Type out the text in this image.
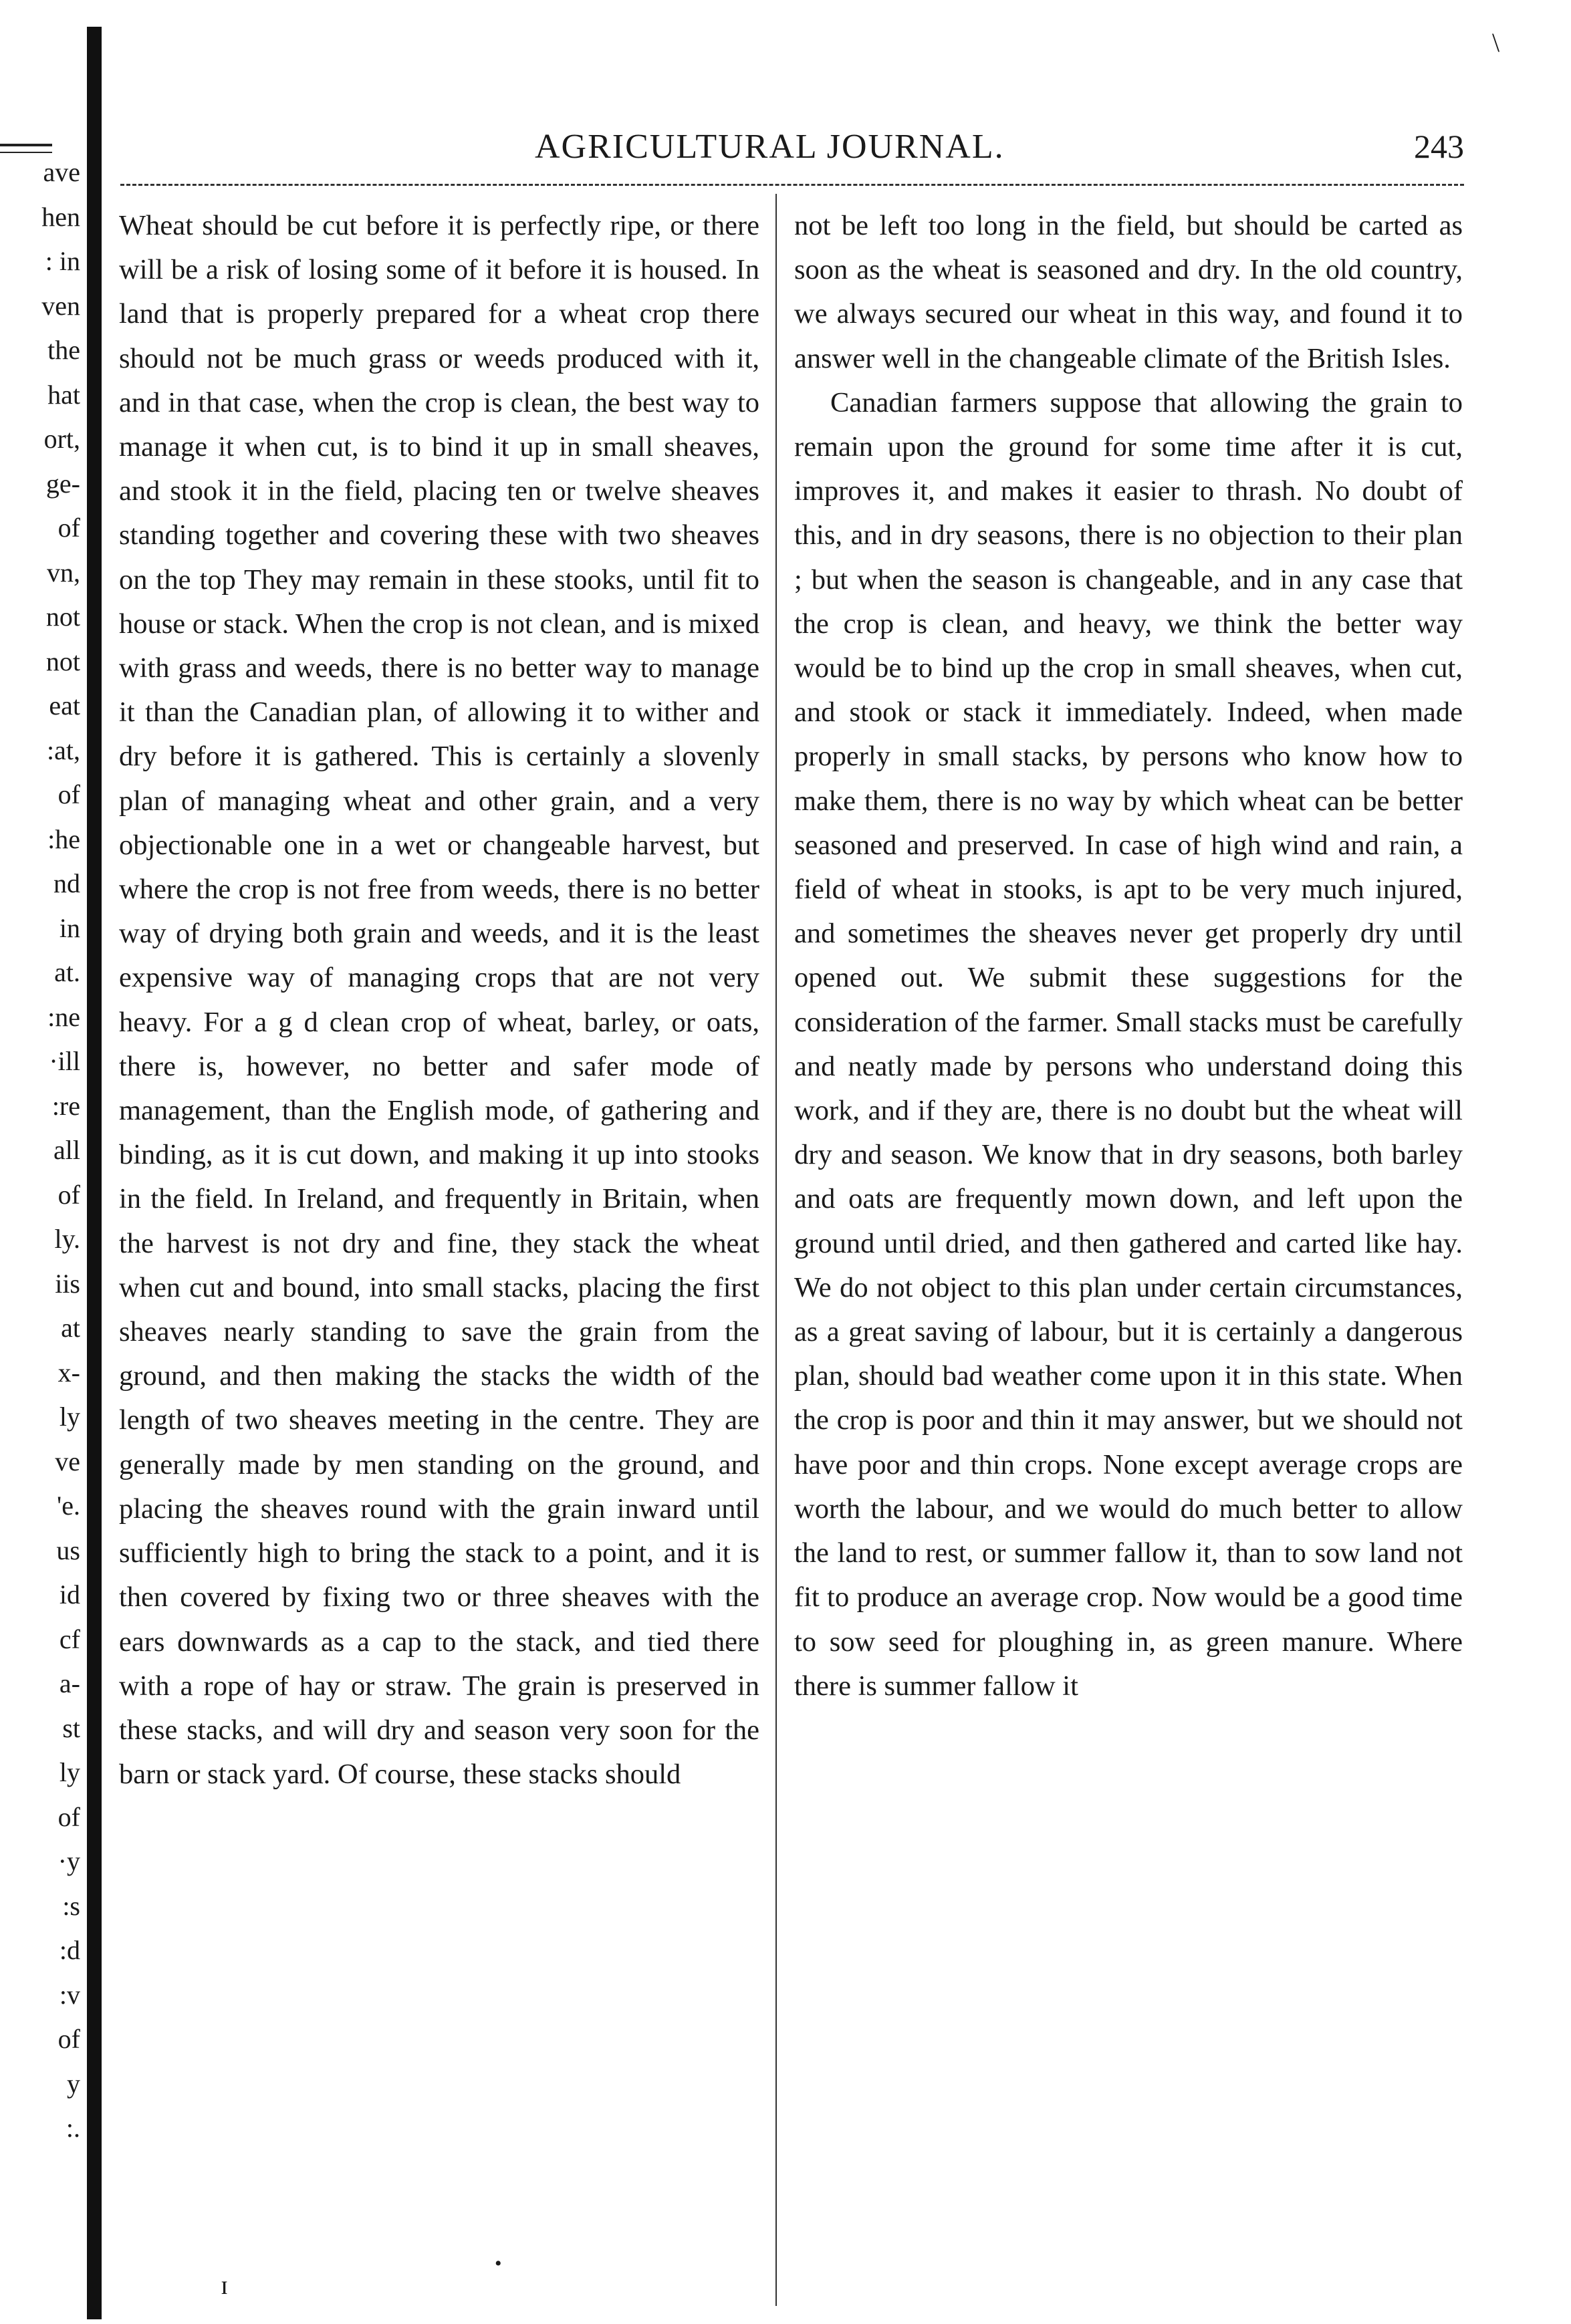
ave
hen
: in
ven
the
hat
ort,
ge-
of
vn,
not
not
eat
:at,
of
:he
nd
in
at.
:ne
·ill
:re
all
of
ly.
iis
at
x-
ly
ve
'e.
us
id
cf
a-
st
ly
of
·y
:s
:d
:v
of
y
:.
AGRICULTURAL JOURNAL.	243

Wheat should be cut before it is perfectly ripe, or there will be a risk of losing some of it before it is housed. In land that is properly prepared for a wheat crop there should not be much grass or weeds produced with it, and in that case, when the crop is clean, the best way to manage it when cut, is to bind it up in small sheaves, and stook it in the field, placing ten or twelve sheaves standing together and covering these with two sheaves on the top They may remain in these stooks, until fit to house or stack. When the crop is not clean, and is mixed with grass and weeds, there is no better way to manage it than the Canadian plan, of allowing it to wither and dry before it is gathered. This is certainly a slovenly plan of managing wheat and other grain, and a very objectionable one in a wet or changeable harvest, but where the crop is not free from weeds, there is no better way of drying both grain and weeds, and it is the least expensive way of managing crops that are not very heavy. For a g d clean crop of wheat, barley, or oats, there is, however, no better and safer mode of management, than the English mode, of gathering and binding, as it is cut down, and making it up into stooks in the field. In Ireland, and frequently in Britain, when the harvest is not dry and fine, they stack the wheat when cut and bound, into small stacks, placing the first sheaves nearly standing to save the grain from the ground, and then making the stacks the width of the length of two sheaves meeting in the centre. They are generally made by men standing on the ground, and placing the sheaves round with the grain inward until sufficiently high to bring the stack to a point, and it is then covered by fixing two or three sheaves with the ears downwards as a cap to the stack, and tied there with a rope of hay or straw. The grain is preserved in these stacks, and will dry and season very soon for the barn or stack yard. Of course, these stacks should

not be left too long in the field, but should be carted as soon as the wheat is seasoned and dry. In the old country, we always secured our wheat in this way, and found it to answer well in the changeable climate of the British Isles.

Canadian farmers suppose that allowing the grain to remain upon the ground for some time after it is cut, improves it, and makes it easier to thrash. No doubt of this, and in dry seasons, there is no objection to their plan ; but when the season is changeable, and in any case that the crop is clean, and heavy, we think the better way would be to bind up the crop in small sheaves, when cut, and stook or stack it immediately. Indeed, when made properly in small stacks, by persons who know how to make them, there is no way by which wheat can be better seasoned and preserved. In case of high wind and rain, a field of wheat in stooks, is apt to be very much injured, and sometimes the sheaves never get properly dry until opened out. We submit these suggestions for the consideration of the farmer. Small stacks must be carefully and neatly made by persons who understand doing this work, and if they are, there is no doubt but the wheat will dry and season. We know that in dry seasons, both barley and oats are frequently mown down, and left upon the ground until dried, and then gathered and carted like hay. We do not object to this plan under certain circumstances, as a great saving of labour, but it is certainly a dangerous plan, should bad weather come upon it in this state. When the crop is poor and thin it may answer, but we should not have poor and thin crops. None except average crops are worth the labour, and we would do much better to allow the land to rest, or summer fallow it, than to sow land not fit to produce an average crop. Now would be a good time to sow seed for ploughing in, as green manure. Where there is summer fallow it

\
ɪ
•
